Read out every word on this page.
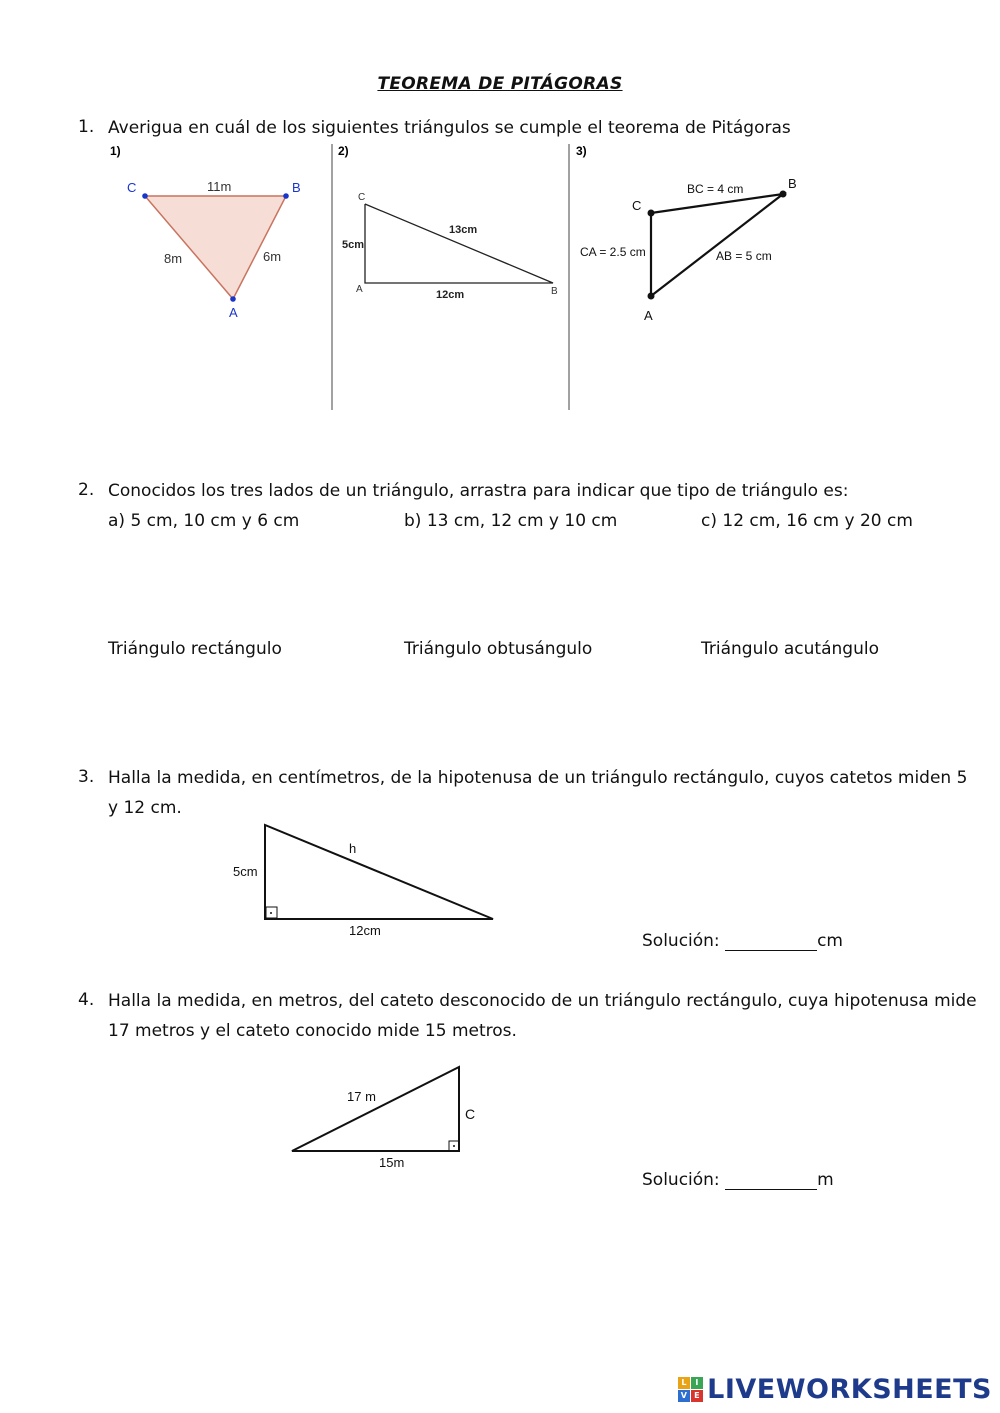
TEOREMA DE PITÁGORAS
1. Averigua en cuál de los siguientes triángulos se cumple el teorema de Pitágoras
1)	2)	3)
C	B
A
11m
8m	6m
C
A	B
5cm
13cm
12cm
C
B
A
BC = 4 cm
CA = 2.5 cm	AB = 5 cm
2. Conocidos los tres lados de un triángulo, arrastra para indicar que tipo de triángulo es:
a) 5 cm, 10 cm y 6 cm	b) 13 cm, 12 cm y 10 cm	c) 12 cm, 16 cm y 20 cm
Triángulo rectángulo	Triángulo obtusángulo	Triángulo acutángulo
3. Halla la medida, en centímetros, de la hipotenusa de un triángulo rectángulo, cuyos catetos miden 5
y 12 cm.
5cm
h
12cm
Solución:	cm
4. Halla la medida, en metros, del cateto desconocido de un triángulo rectángulo, cuya hipotenusa mide
17 metros y el cateto conocido mide 15 metros.
17 m
C
15m
Solución:	m
L	I
V E LIVEWORKSHEETS
